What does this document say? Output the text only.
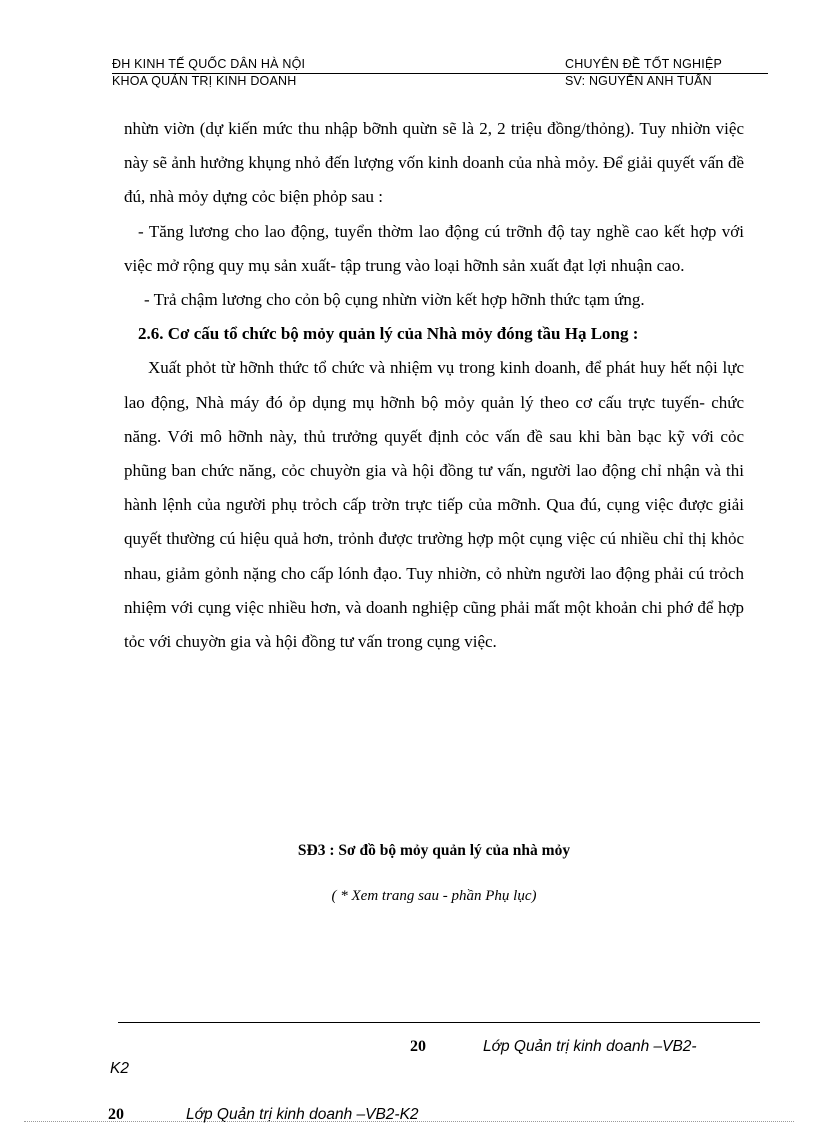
ĐH KINH TẾ QUỐC DÂN HÀ NỘI	CHUYÊN ĐỀ TỐT NGHIỆP
KHOA QUẢN TRỊ KINH DOANH	SV: NGUYỄN ANH TUẤN

nhừn viờn (dự kiến mức thu nhập bỡnh quừn sẽ là 2, 2 triệu đồng/thỏng). Tuy nhiờn việc này sẽ ảnh hưởng khụng nhỏ đến lượng vốn kinh doanh của nhà mỏy. Để giải quyết vấn đề đú, nhà mỏy dựng cỏc biện phỏp sau :

- Tăng lương cho lao động, tuyển thờm lao động cú trỡnh độ tay nghề cao kết hợp với việc mở rộng quy mụ sản xuất- tập trung vào loại hỡnh sản xuất đạt lợi nhuận cao.

- Trả chậm lương cho cỏn bộ cụng nhừn viờn kết hợp hỡnh thức tạm ứng.

2.6. Cơ cấu tổ chức bộ mỏy quản lý của Nhà mỏy đóng tầu Hạ Long :

Xuất phỏt từ hỡnh thức tổ chức và nhiệm vụ trong kinh doanh, để phát huy hết nội lực lao động, Nhà máy đó ỏp dụng mụ hỡnh bộ mỏy quản lý theo cơ cấu trực tuyến- chức năng. Với mô hỡnh này, thủ trưởng quyết định cỏc vấn đề sau khi bàn bạc kỹ với cỏc phũng ban chức năng, cỏc chuyờn gia và hội đồng tư vấn, người lao động chỉ nhận và thi hành lệnh của người phụ trỏch cấp trờn trực tiếp của mỡnh. Qua đú, cụng việc được giải quyết thường cú hiệu quả hơn, trỏnh được trường hợp một cụng việc cú nhiều chỉ thị khỏc nhau, giảm gỏnh nặng cho cấp lónh đạo. Tuy nhiờn, cỏ nhừn người lao động phải cú trỏch nhiệm với cụng việc nhiều hơn, và doanh nghiệp cũng phải mất một khoản chi phớ để hợp tỏc với chuyờn gia và hội đồng tư vấn trong cụng việc.

SĐ3 : Sơ đồ bộ mỏy quản lý của nhà mỏy
( * Xem trang sau - phần Phụ lục)
20	Lớp Quản trị kinh doanh –VB2-
K2
20	Lớp Quản trị kinh doanh –VB2-K2
